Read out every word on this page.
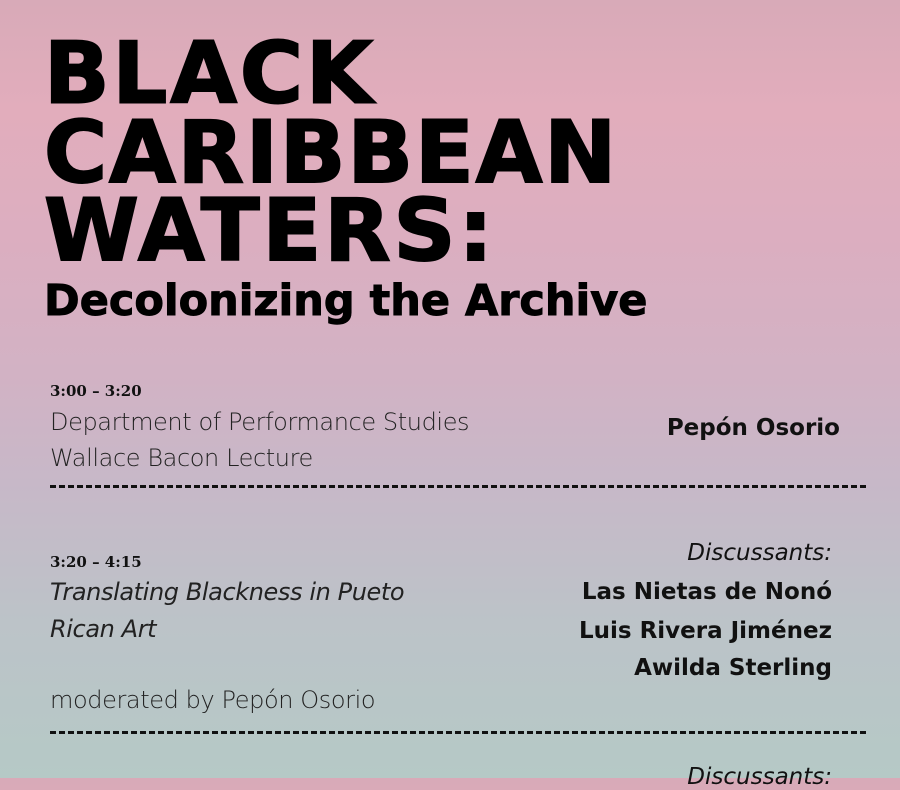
BLACK
CARIBBEAN
WATERS:
Decolonizing the Archive
3:00 – 3:20
Department of Performance Studies
Wallace Bacon Lecture
Pepón Osorio
3:20 – 4:15
Translating Blackness in Pueto
Rican Art
moderated by Pepón Osorio
Discussants:
Las Nietas de Nonó
Luis Rivera Jiménez
Awilda Sterling
Discussants:
